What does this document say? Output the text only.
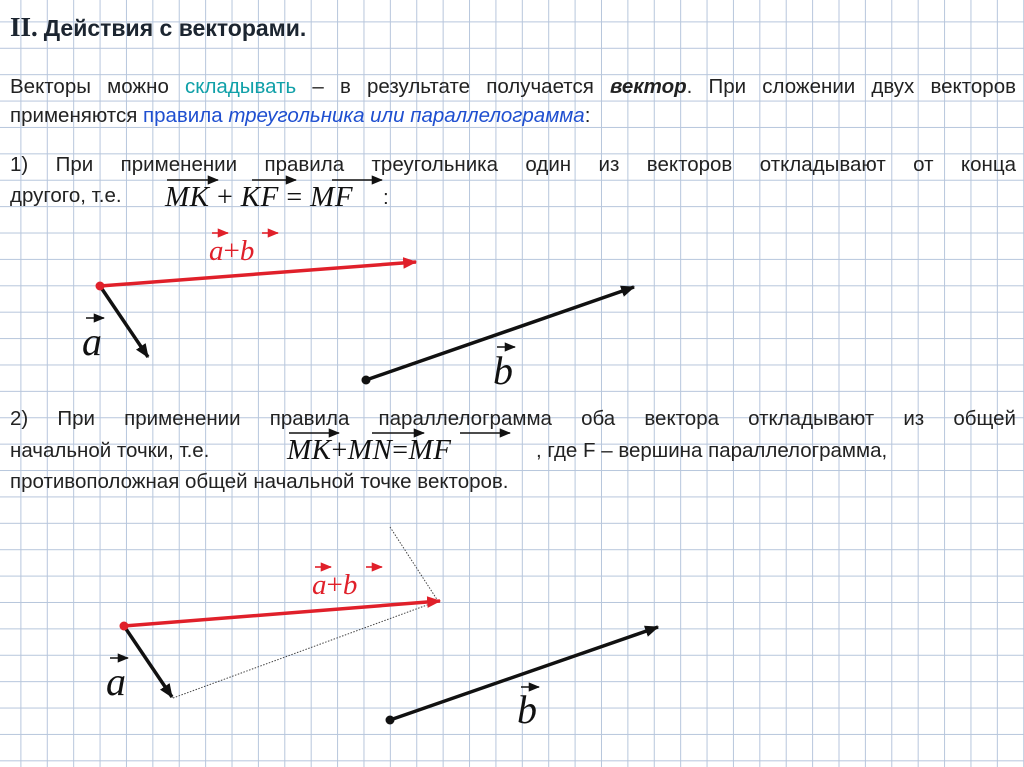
II. Действия с векторами.
Векторы можно складывать – в результате получается вектор. При сложении двух векторов применяются правила треугольника или параллелограмма:
1) При применении правила треугольника один из векторов откладывают от конца
другого, т.е. MK + KF = MF :
2) При применении правила параллелограмма оба вектора откладывают из общей
начальной точки, т.е.	MK+MN=MF	, где F – вершина параллелограмма,
противоположная общей начальной точке векторов.
a
b
a+b
a
b
a+b
